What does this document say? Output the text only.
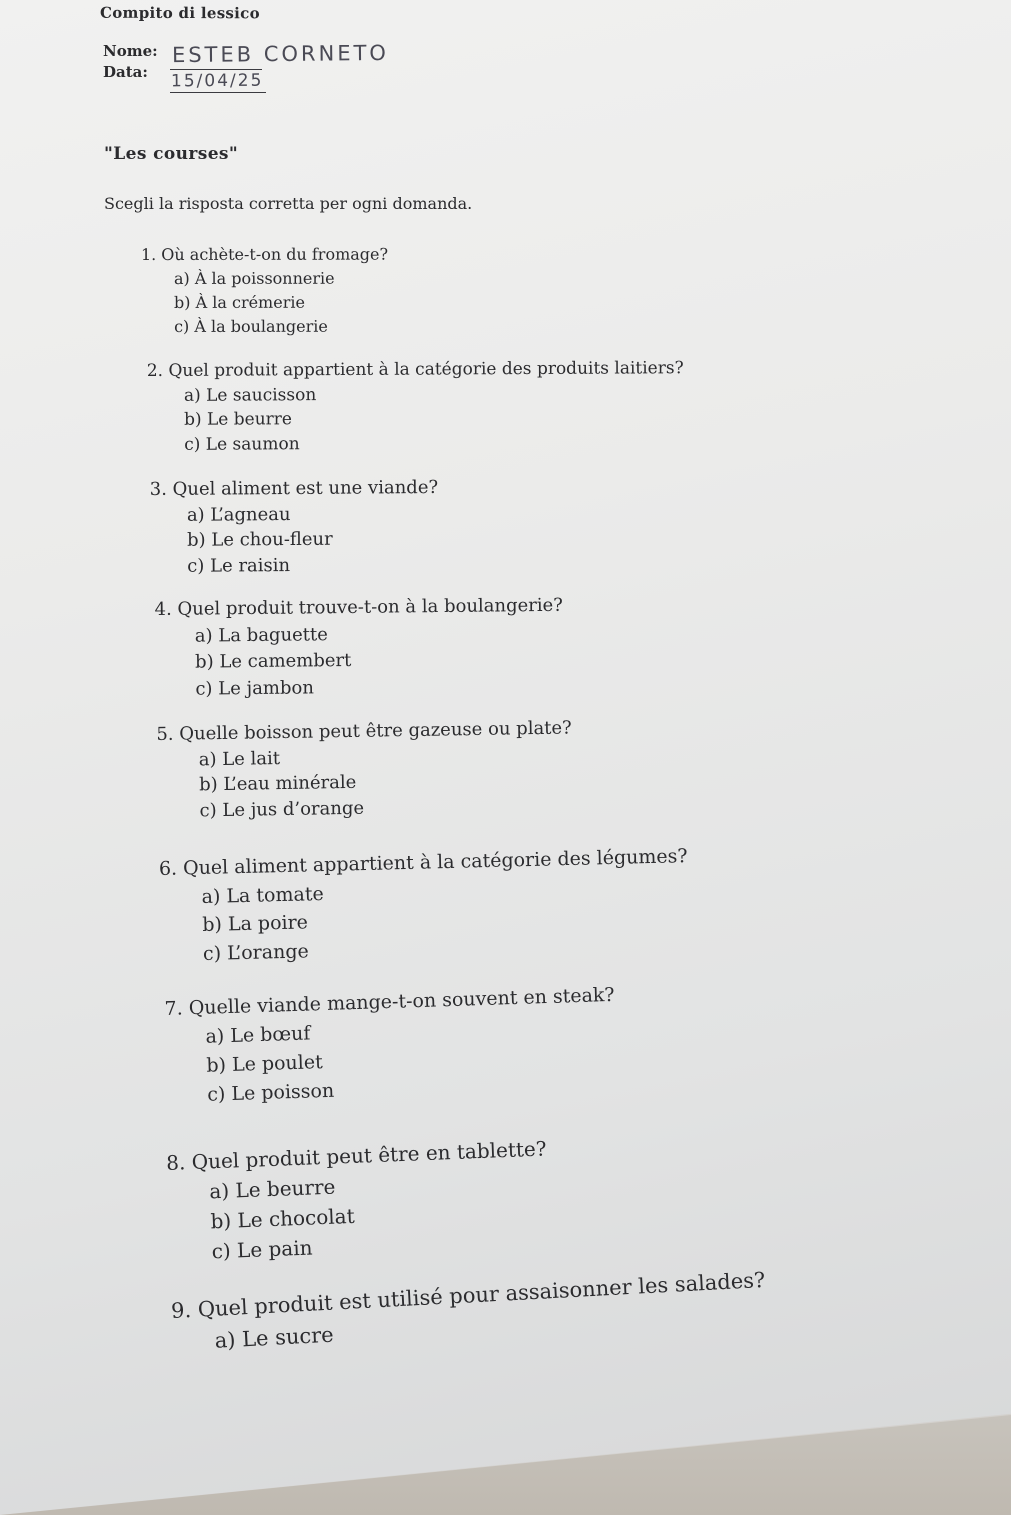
Compito di lessico
Nome:
Data:
ESTEB CORNETO
15/04/25
"Les courses"
Scegli la risposta corretta per ogni domanda.
1. Où achète-t-on du fromage?
a) À la poissonnerie
b) À la crémerie
c) À la boulangerie
2. Quel produit appartient à la catégorie des produits laitiers?
a) Le saucisson
b) Le beurre
c) Le saumon
3. Quel aliment est une viande?
a) L’agneau
b) Le chou-fleur
c) Le raisin
4. Quel produit trouve-t-on à la boulangerie?
a) La baguette
b) Le camembert
c) Le jambon
5. Quelle boisson peut être gazeuse ou plate?
a) Le lait
b) L’eau minérale
c) Le jus d’orange
6. Quel aliment appartient à la catégorie des légumes?
a) La tomate
b) La poire
c) L’orange
7. Quelle viande mange-t-on souvent en steak?
a) Le bœuf
b) Le poulet
c) Le poisson
8. Quel produit peut être en tablette?
a) Le beurre
b) Le chocolat
c) Le pain
9. Quel produit est utilisé pour assaisonner les salades?
a) Le sucre
